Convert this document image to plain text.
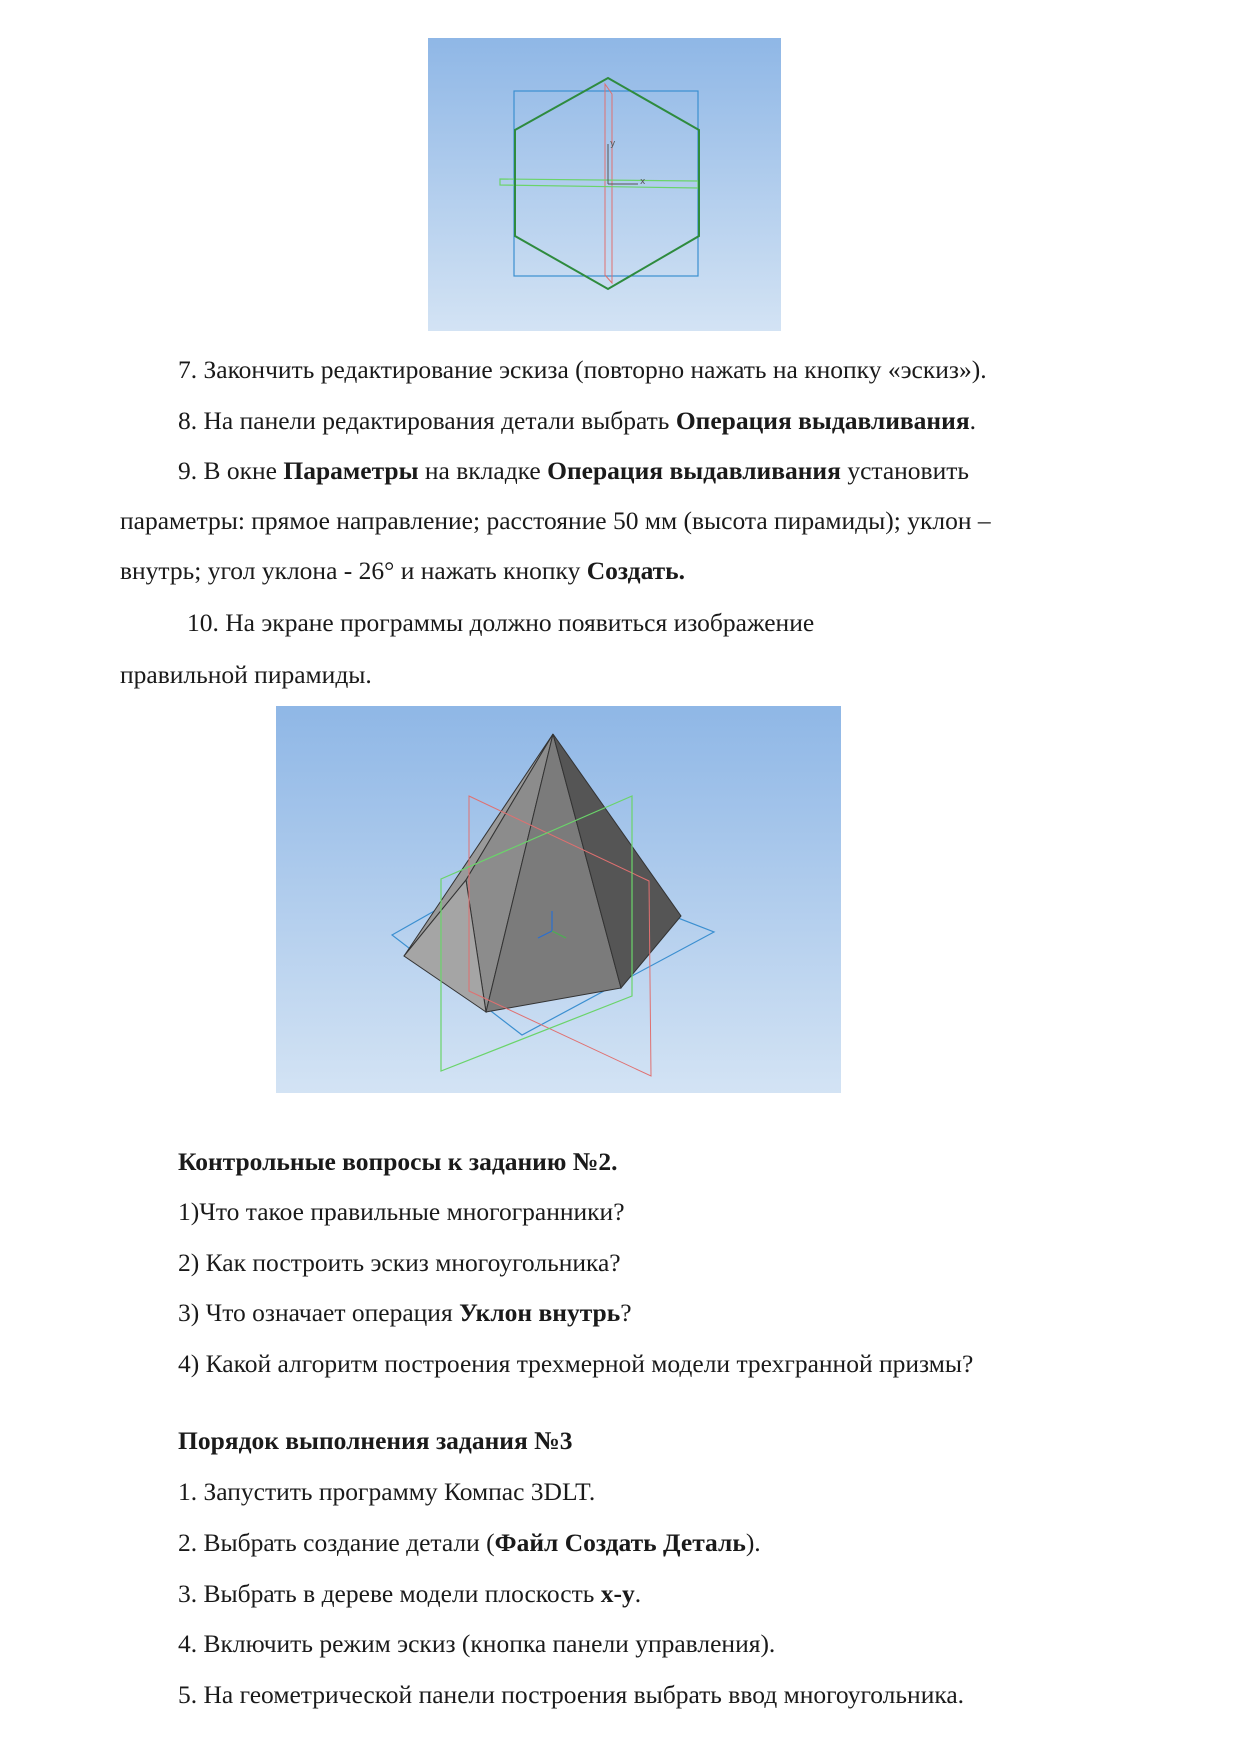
x
y
7. Закончить редактирование эскиза (повторно нажать на кнопку «эскиз»).
8. На панели редактирования детали выбрать Операция выдавливания.
9. В окне Параметры на вкладке Операция выдавливания установить
параметры: прямое направление; расстояние 50 мм (высота пирамиды); уклон –
внутрь; угол уклона - 26° и нажать кнопку Создать.
10. На экране программы должно появиться изображение
правильной пирамиды.
Контрольные вопросы к заданию №2.
1)Что такое правильные многогранники?
2) Как построить эскиз многоугольника?
3) Что означает операция Уклон внутрь?
4) Какой алгоритм построения трехмерной модели трехгранной призмы?
Порядок выполнения задания №3
1. Запустить программу Компас 3DLT.
2. Выбрать создание детали (Файл Создать Деталь).
3. Выбрать в дереве модели плоскость x-y.
4. Включить режим эскиз (кнопка панели управления).
5. На геометрической панели построения выбрать ввод многоугольника.
